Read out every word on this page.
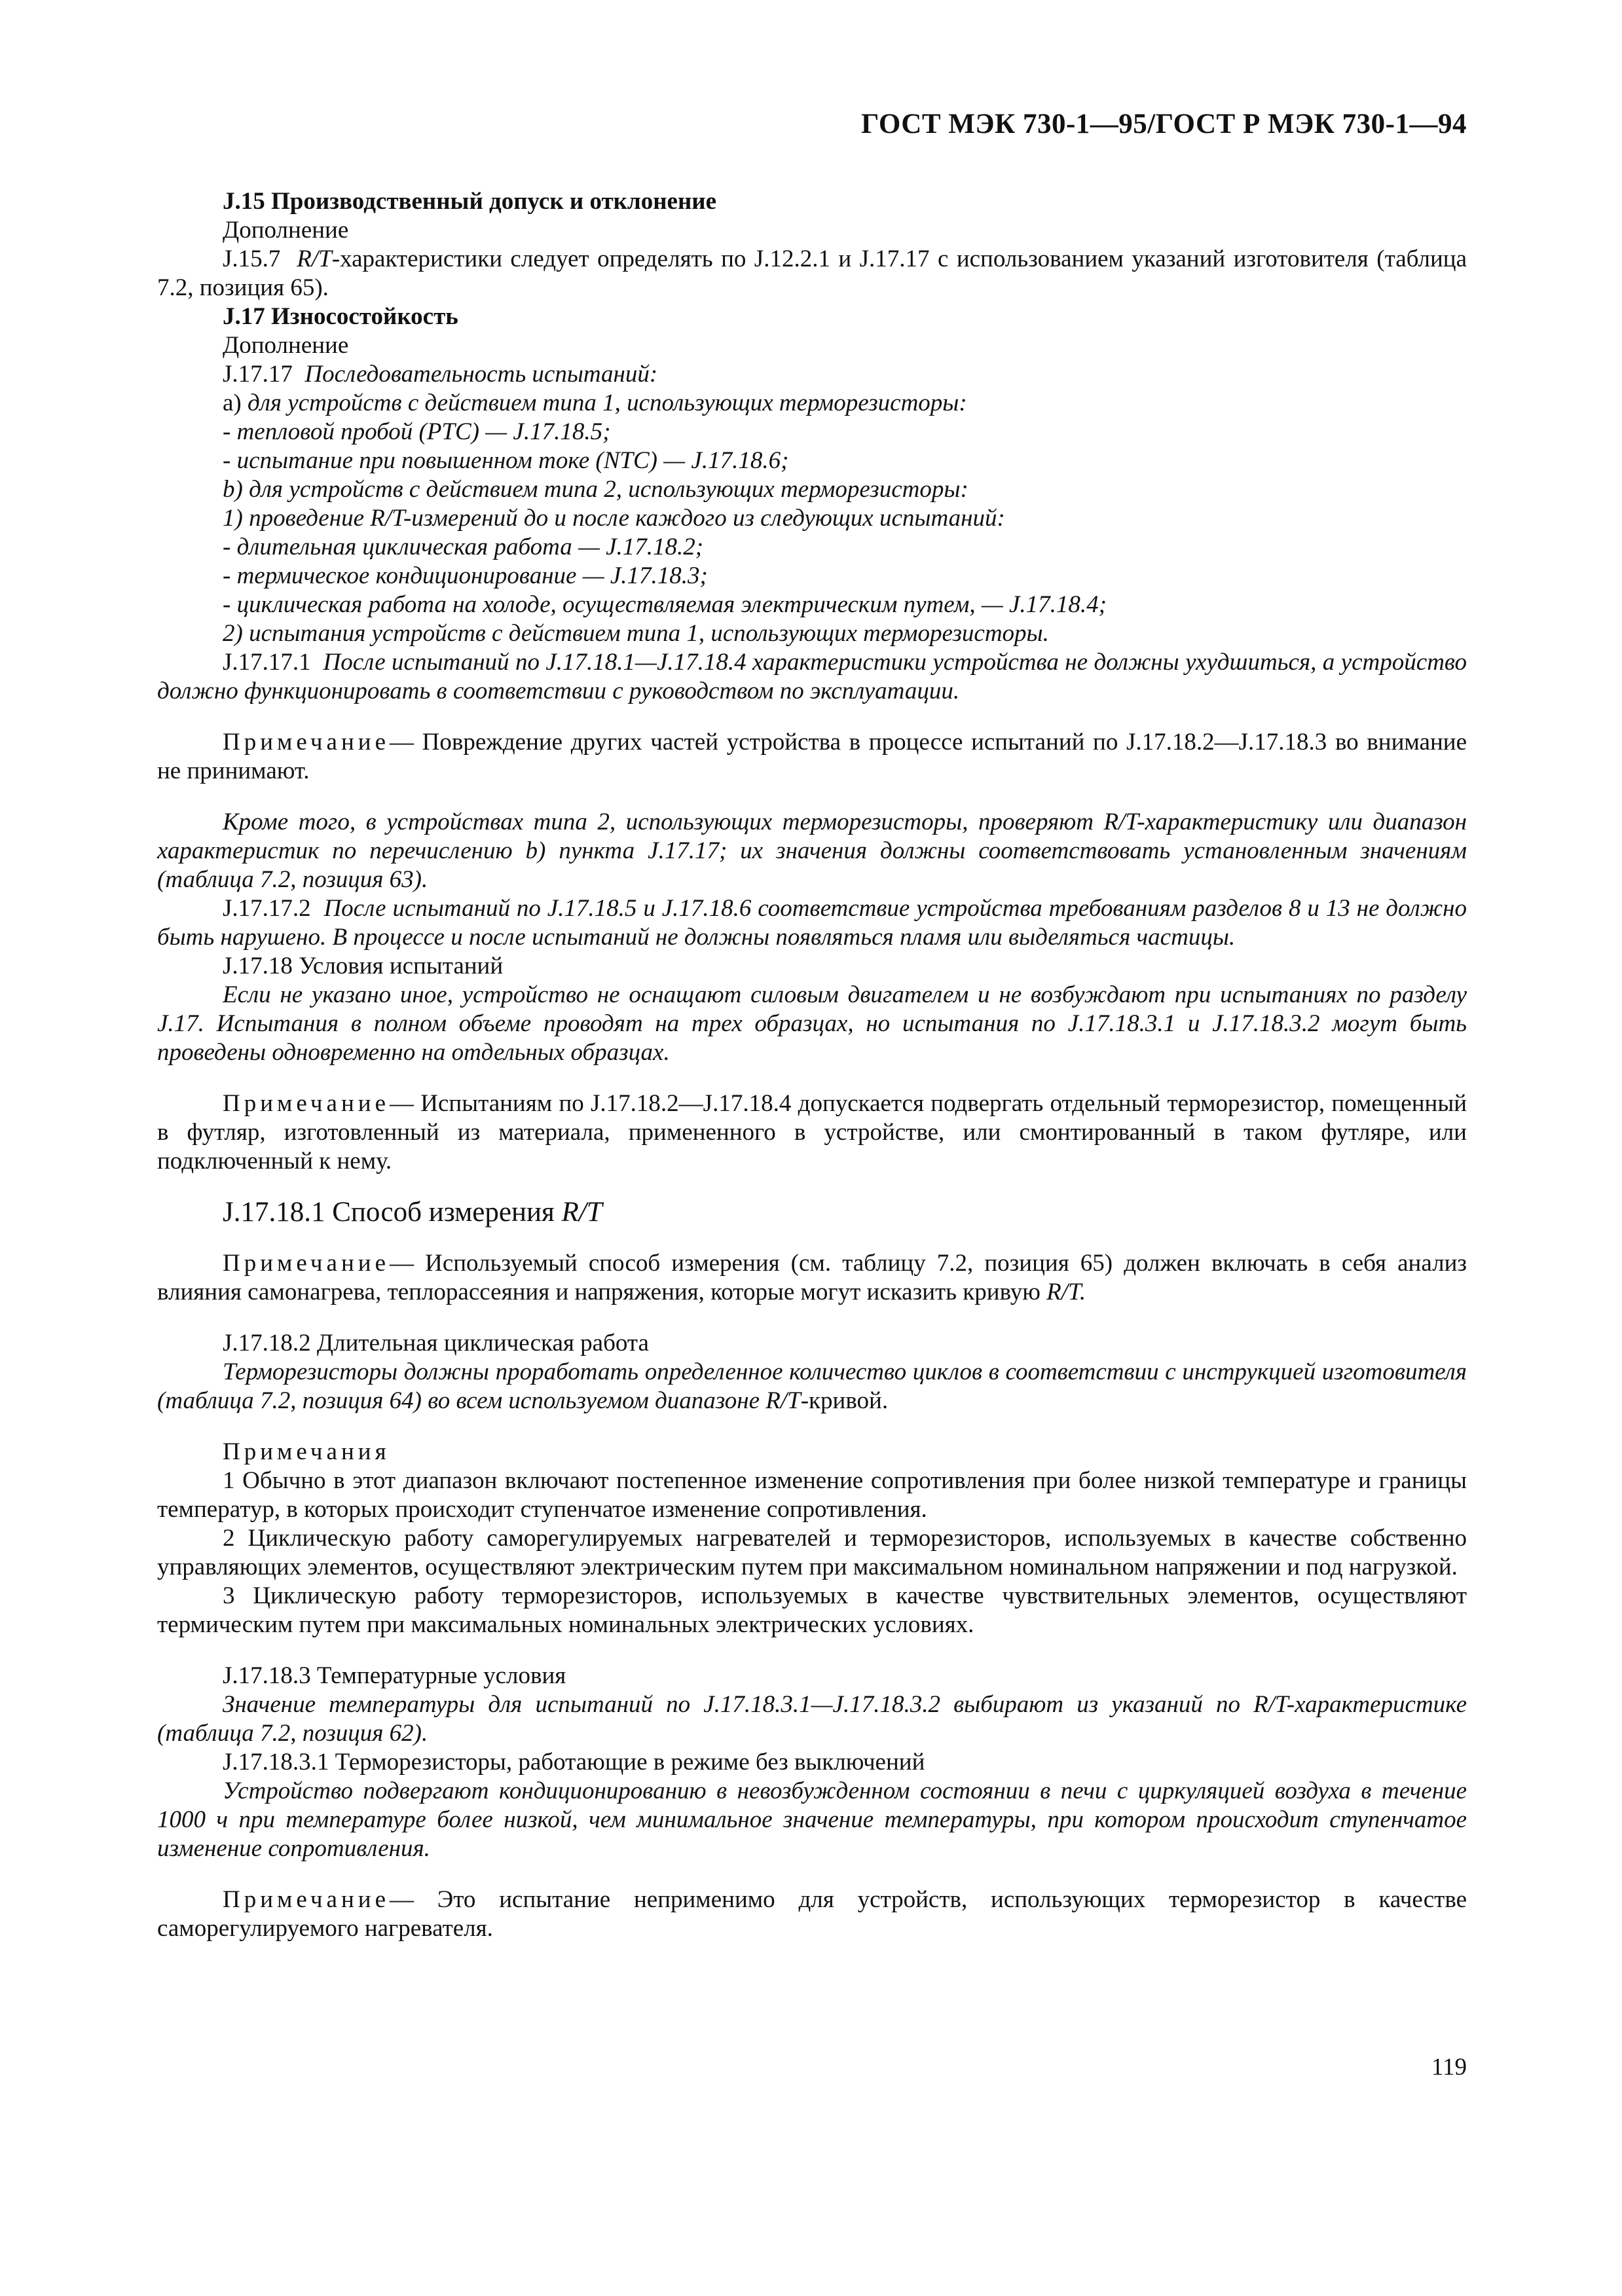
ГОСТ МЭК 730-1—95/ГОСТ Р МЭК 730-1—94

J.15 Производственный допуск и отклонение

Дополнение

J.15.7 R/T-характеристики следует определять по J.12.2.1 и J.17.17 с использованием указаний изготовителя (таблица 7.2, позиция 65).

J.17 Износостойкость

Дополнение

J.17.17 Последовательность испытаний:

а) для устройств с действием типа 1, использующих терморезисторы:

- тепловой пробой (PTC) — J.17.18.5;

- испытание при повышенном токе (NTC) — J.17.18.6;

b) для устройств с действием типа 2, использующих терморезисторы:

1) проведение R/T-измерений до и после каждого из следующих испытаний:

- длительная циклическая работа — J.17.18.2;

- термическое кондиционирование — J.17.18.3;

- циклическая работа на холоде, осуществляемая электрическим путем, — J.17.18.4;

2) испытания устройств с действием типа 1, использующих терморезисторы.

J.17.17.1 После испытаний по J.17.18.1—J.17.18.4 характеристики устройства не должны ухудшиться, а устройство должно функционировать в соответствии с руководством по эксплуатации.

Примечание— Повреждение других частей устройства в процессе испытаний по J.17.18.2—J.17.18.3 во внимание не принимают.

Кроме того, в устройствах типа 2, использующих терморезисторы, проверяют R/T-характеристику или диапазон характеристик по перечислению b) пункта J.17.17; их значения должны соответствовать установленным значениям (таблица 7.2, позиция 63).

J.17.17.2 После испытаний по J.17.18.5 и J.17.18.6 соответствие устройства требованиям разделов 8 и 13 не должно быть нарушено. В процессе и после испытаний не должны появляться пламя или выделяться частицы.

J.17.18 Условия испытаний

Если не указано иное, устройство не оснащают силовым двигателем и не возбуждают при испытаниях по разделу J.17. Испытания в полном объеме проводят на трех образцах, но испытания по J.17.18.3.1 и J.17.18.3.2 могут быть проведены одновременно на отдельных образцах.

Примечание— Испытаниям по J.17.18.2—J.17.18.4 допускается подвергать отдельный терморезистор, помещенный в футляр, изготовленный из материала, примененного в устройстве, или смонтированный в таком футляре, или подключенный к нему.

J.17.18.1 Способ измерения R/T

Примечание— Используемый способ измерения (см. таблицу 7.2, позиция 65) должен включать в себя анализ влияния самонагрева, теплорассеяния и напряжения, которые могут исказить кривую R/T.

J.17.18.2 Длительная циклическая работа

Терморезисторы должны проработать определенное количество циклов в соответствии с инструкцией изготовителя (таблица 7.2, позиция 64) во всем используемом диапазоне R/T-кривой.

Примечания

1 Обычно в этот диапазон включают постепенное изменение сопротивления при более низкой температуре и границы температур, в которых происходит ступенчатое изменение сопротивления.

2 Циклическую работу саморегулируемых нагревателей и терморезисторов, используемых в качестве собственно управляющих элементов, осуществляют электрическим путем при максимальном номинальном напряжении и под нагрузкой.

3 Циклическую работу терморезисторов, используемых в качестве чувствительных элементов, осуществляют термическим путем при максимальных номинальных электрических условиях.

J.17.18.3 Температурные условия

Значение температуры для испытаний по J.17.18.3.1—J.17.18.3.2 выбирают из указаний по R/T-характеристике (таблица 7.2, позиция 62).

J.17.18.3.1 Терморезисторы, работающие в режиме без выключений

Устройство подвергают кондиционированию в невозбужденном состоянии в печи с циркуляцией воздуха в течение 1000 ч при температуре более низкой, чем минимальное значение температуры, при котором происходит ступенчатое изменение сопротивления.

Примечание— Это испытание неприменимо для устройств, использующих терморезистор в качестве саморегулируемого нагревателя.

119
